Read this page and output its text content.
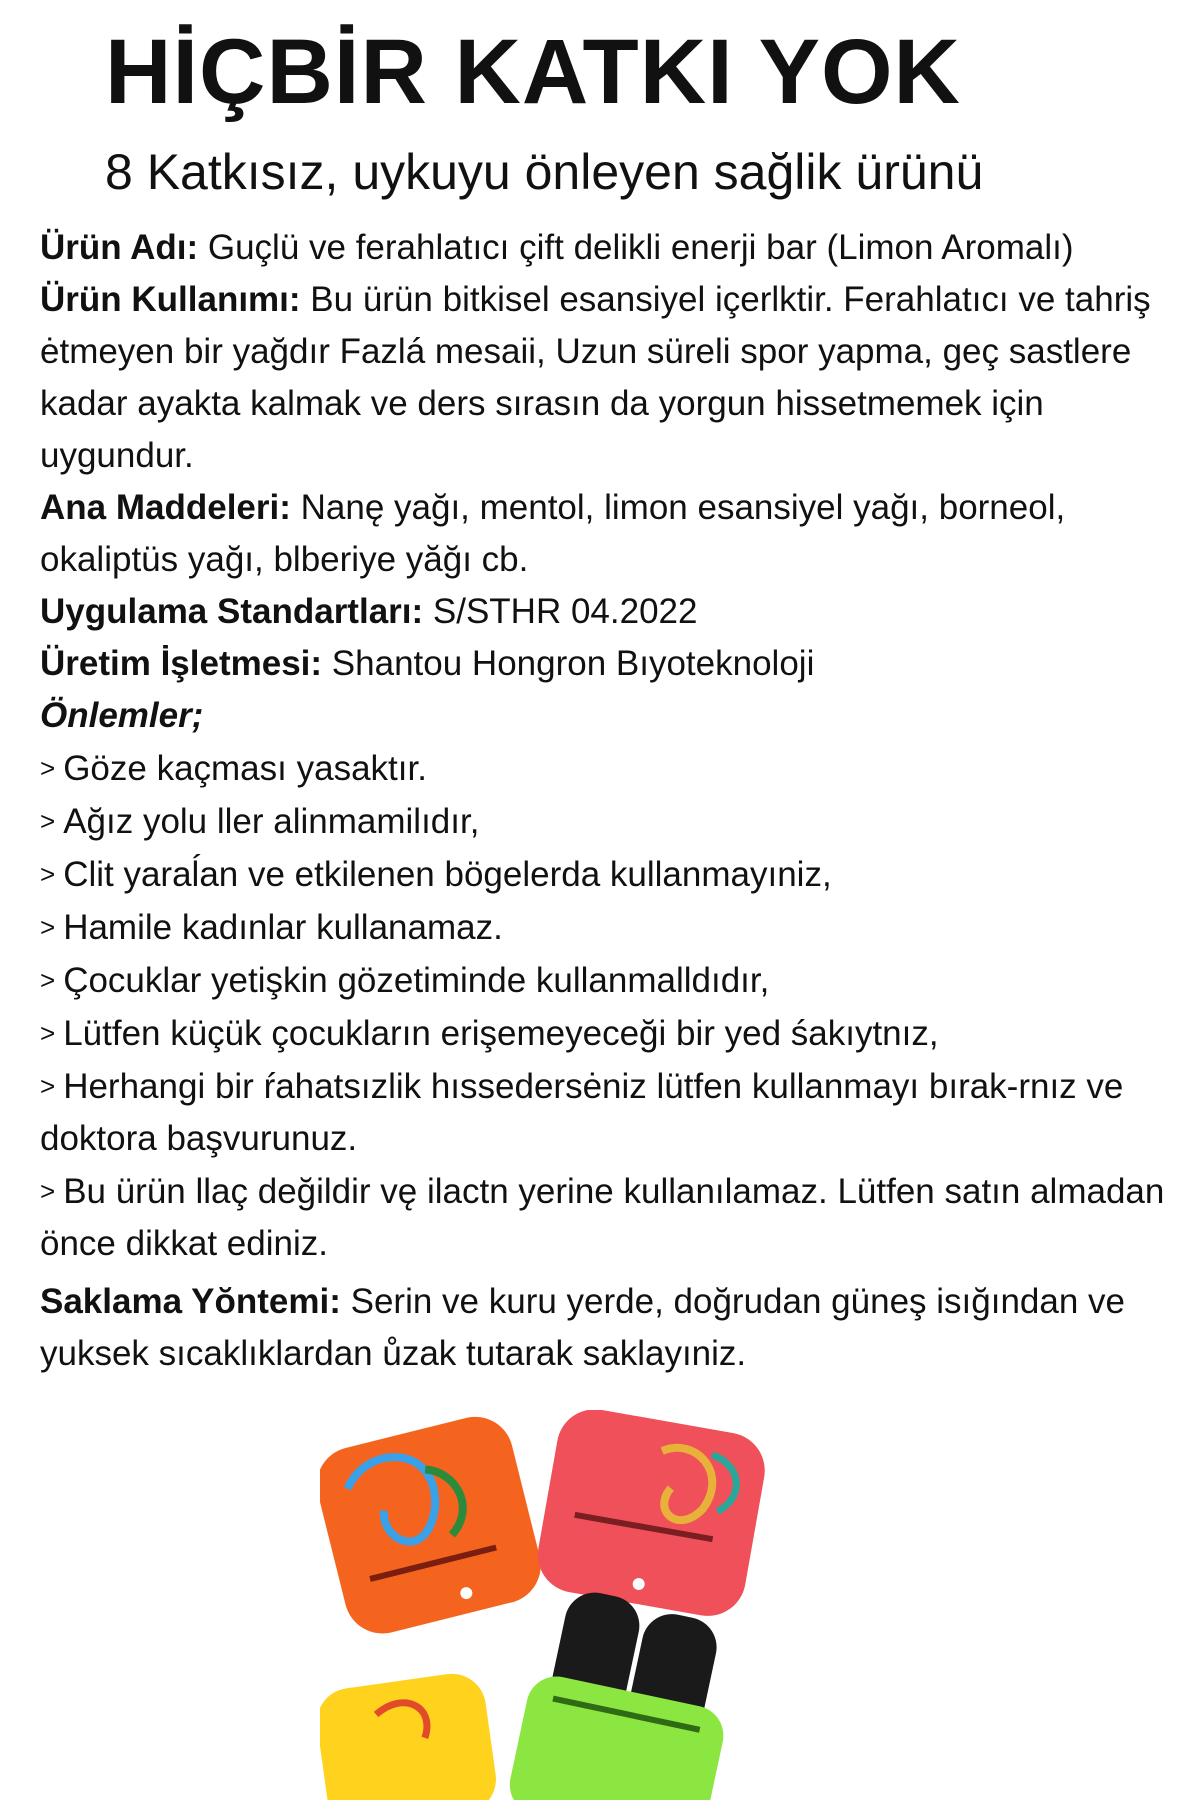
HİÇBİR KATKI YOK

8 Katkısız, uykuyu önleyen sağlik ürünü

Ürün Adı: Guçlü ve ferahlatıcı çift delikli enerji bar (Limon Aromalı)

Ürün Kullanımı: Bu ürün bitkisel esansiyel içerlktir. Ferahlatıcı ve tahriş ėtmeyen bir yağdır Fazlá mesaii, Uzun süreli spor yapma, geç sastlere kadar ayakta kalmak ve ders sırasın da yorgun hissetmemek için uygundur.

Ana Maddeleri: Nanę yağı, mentol, limon esansiyel yağı, borneol, okaliptüs yağı, blberiye yăğı cb.

Uygulama Standartları: S/STHR 04.2022

Üretim İşletmesi: Shantou Hongron Bıyoteknoloji

Önlemler;

> Göze kaçması yasaktır.

> Ağız yolu ller alinmamilıdır,

> Clit yaraĺan ve etkilenen bögelerda kullanmayıniz,

> Hamile kadınlar kullanamaz.

> Çocuklar yetişkin gözetiminde kullanmalldıdır,

> Lütfen küçük çocukların erişemeyeceği bir yed śakıytnız,

> Herhangi bir ŕahatsızlik hıssedersėniz lütfen kullanmayı bırak-rnız ve doktora başvurunuz.

> Bu ürün llaç değildir vę ilactn yerine kullanılamaz. Lütfen satın almadan önce dikkat ediniz.

Saklama Yŏntemi: Serin ve kuru yerde, doğrudan güneş isığından ve yuksek sıcaklıklardan ůzak tutarak saklayıniz.
